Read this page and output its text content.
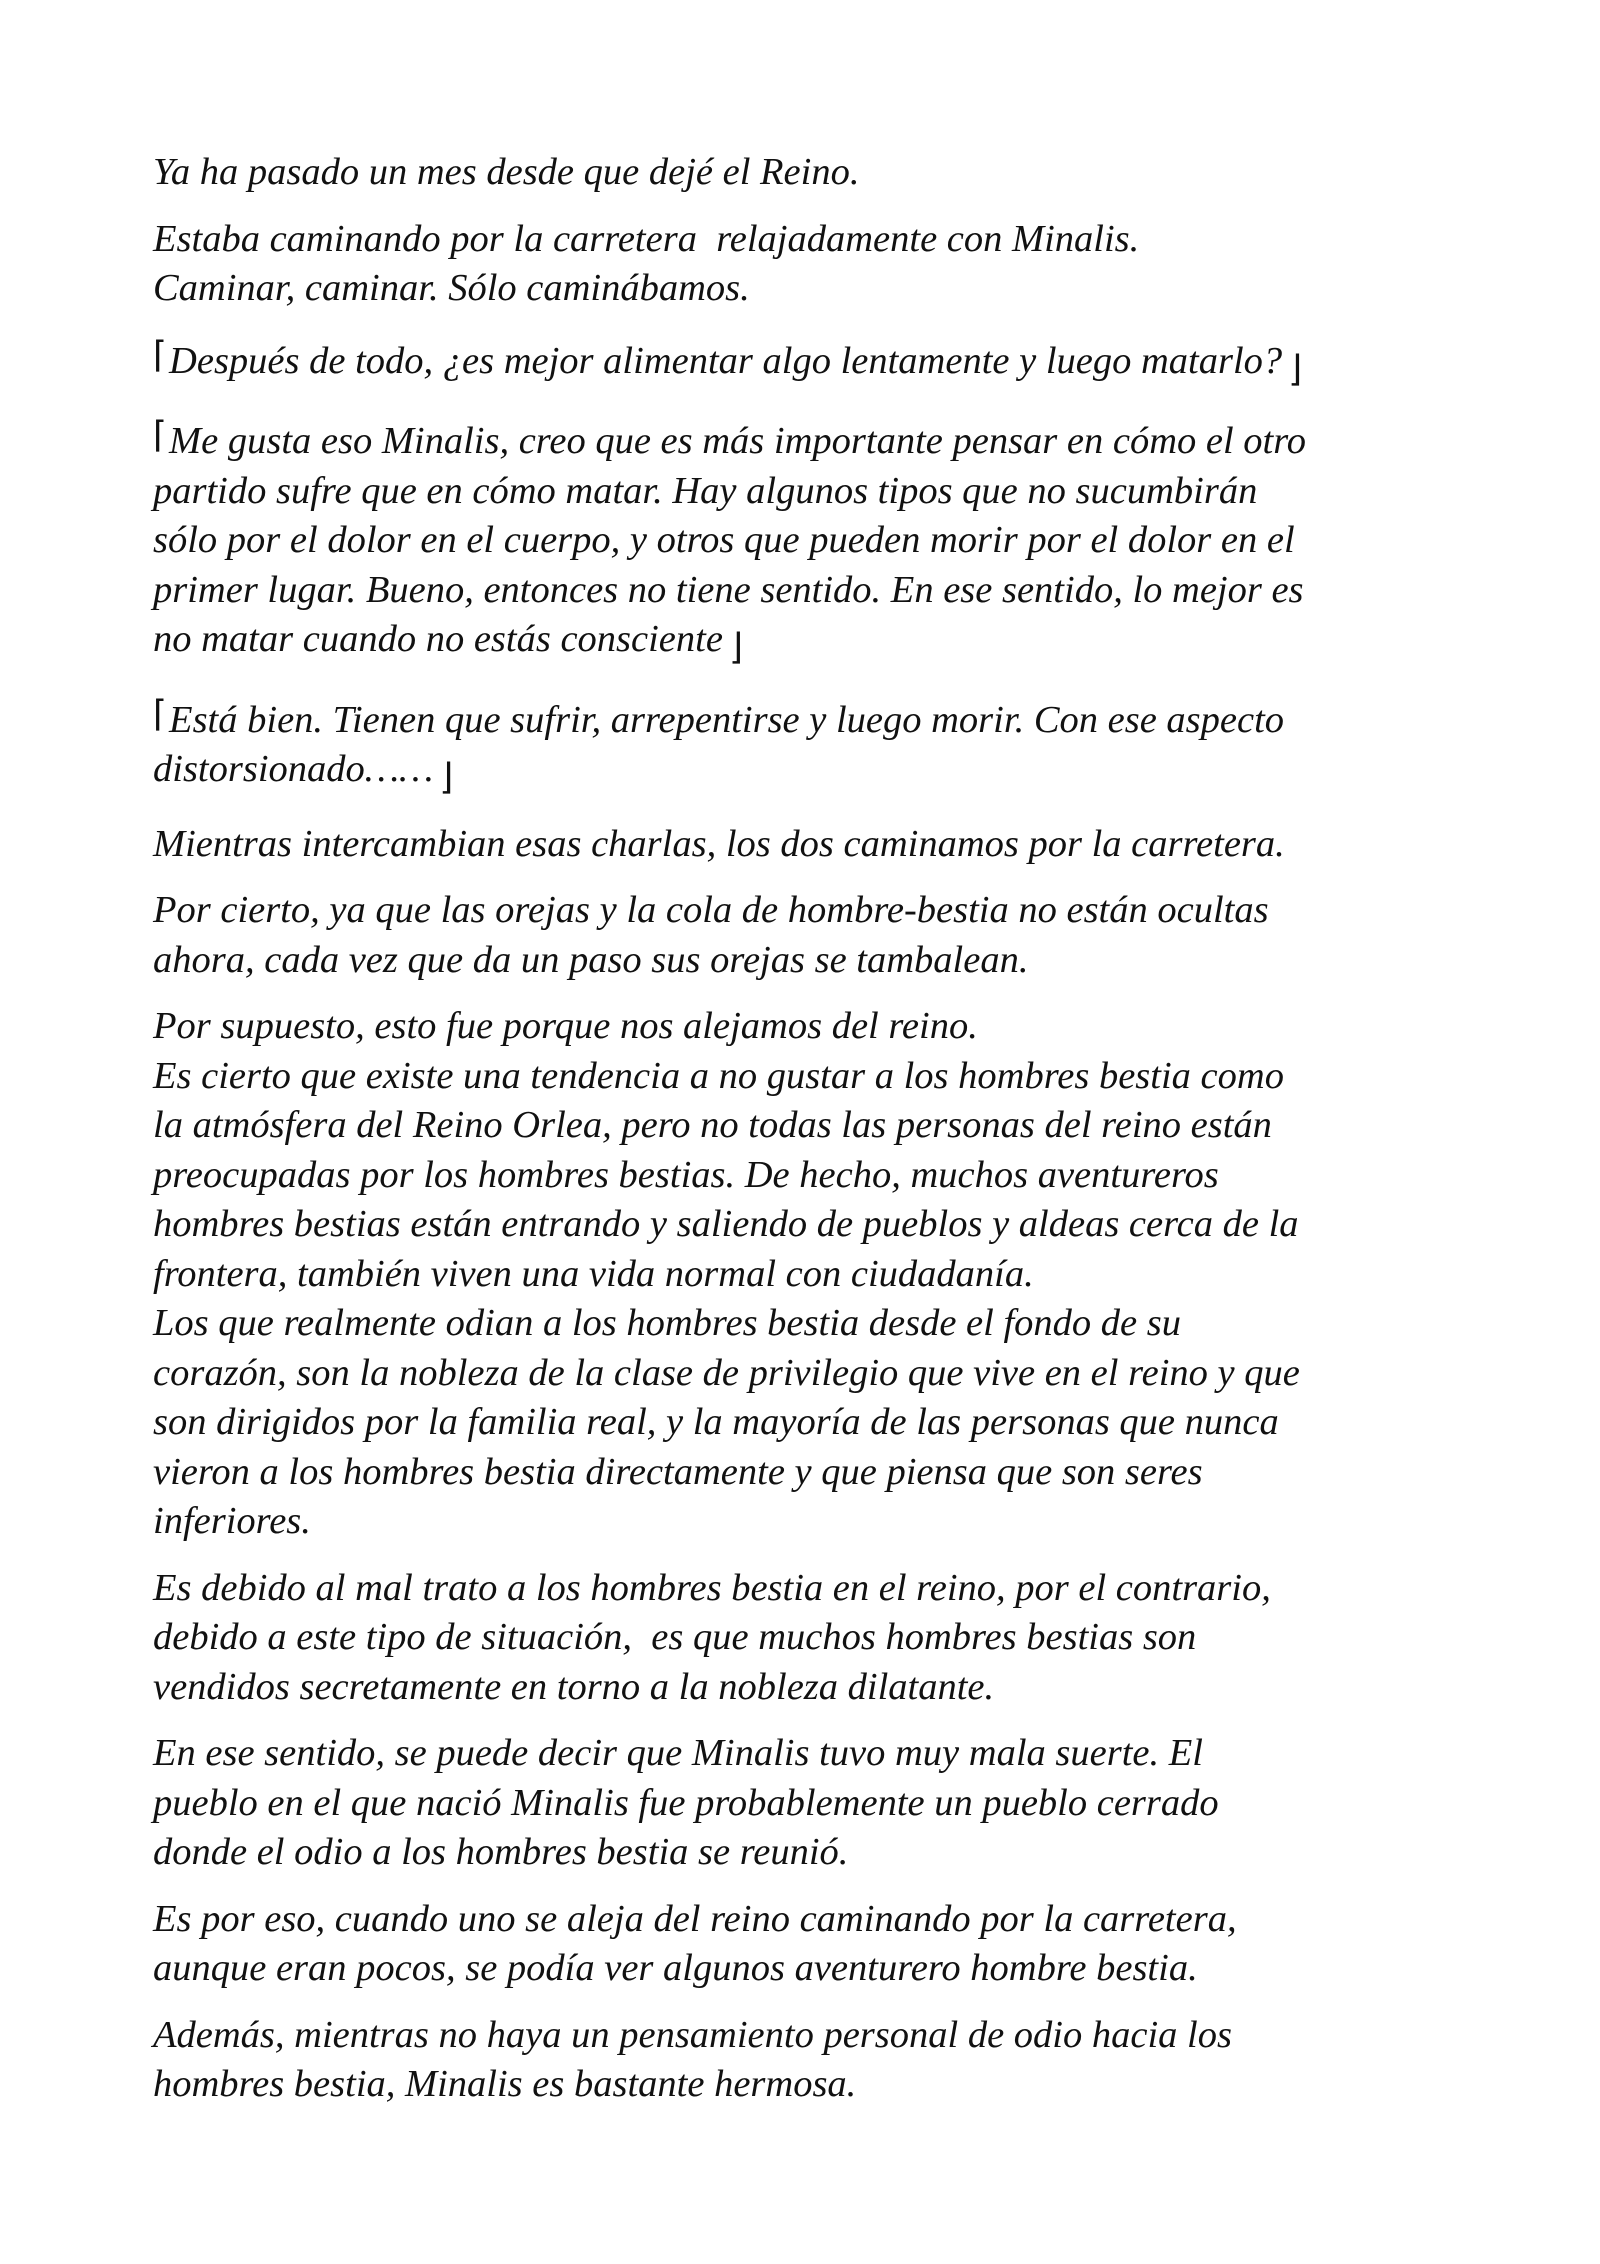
Ya ha pasado un mes desde que dejé el Reino.
Estaba caminando por la carretera  relajadamente con Minalis.
Caminar, caminar. Sólo caminábamos.
⌈Después de todo, ¿es mejor alimentar algo lentamente y luego matarlo? ⌋
⌈Me gusta eso Minalis, creo que es más importante pensar en cómo el otro
partido sufre que en cómo matar. Hay algunos tipos que no sucumbirán
sólo por el dolor en el cuerpo, y otros que pueden morir por el dolor en el
primer lugar. Bueno, entonces no tiene sentido. En ese sentido, lo mejor es
no matar cuando no estás consciente ⌋
⌈Está bien. Tienen que sufrir, arrepentirse y luego morir. Con ese aspecto
distorsionado…… ⌋
Mientras intercambian esas charlas, los dos caminamos por la carretera.
Por cierto, ya que las orejas y la cola de hombre-bestia no están ocultas
ahora, cada vez que da un paso sus orejas se tambalean.
Por supuesto, esto fue porque nos alejamos del reino.
Es cierto que existe una tendencia a no gustar a los hombres bestia como
la atmósfera del Reino Orlea, pero no todas las personas del reino están
preocupadas por los hombres bestias. De hecho, muchos aventureros
hombres bestias están entrando y saliendo de pueblos y aldeas cerca de la
frontera, también viven una vida normal con ciudadanía.
Los que realmente odian a los hombres bestia desde el fondo de su
corazón, son la nobleza de la clase de privilegio que vive en el reino y que
son dirigidos por la familia real, y la mayoría de las personas que nunca
vieron a los hombres bestia directamente y que piensa que son seres
inferiores.
Es debido al mal trato a los hombres bestia en el reino, por el contrario,
debido a este tipo de situación,  es que muchos hombres bestias son
vendidos secretamente en torno a la nobleza dilatante.
En ese sentido, se puede decir que Minalis tuvo muy mala suerte. El
pueblo en el que nació Minalis fue probablemente un pueblo cerrado
donde el odio a los hombres bestia se reunió.
Es por eso, cuando uno se aleja del reino caminando por la carretera,
aunque eran pocos, se podía ver algunos aventurero hombre bestia.
Además, mientras no haya un pensamiento personal de odio hacia los
hombres bestia, Minalis es bastante hermosa.
